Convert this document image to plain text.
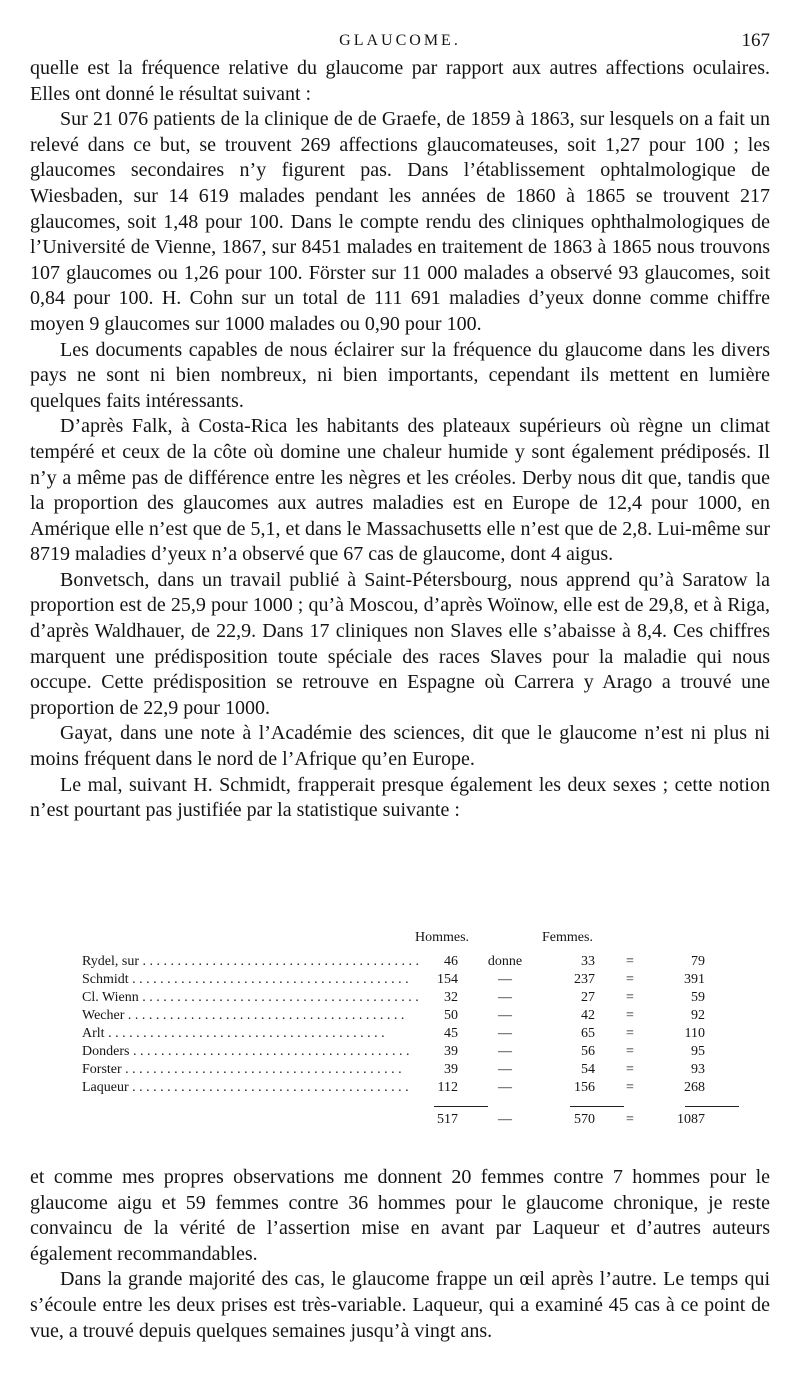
GLAUCOME.	167

quelle est la fréquence relative du glaucome par rapport aux autres affections oculaires. Elles ont donné le résultat suivant :

Sur 21 076 patients de la clinique de de Graefe, de 1859 à 1863, sur lesquels on a fait un relevé dans ce but, se trouvent 269 affections glaucomateuses, soit 1,27 pour 100 ; les glaucomes secondaires n’y figurent pas. Dans l’établissement ophtalmologique de Wiesbaden, sur 14 619 malades pendant les années de 1860 à 1865 se trouvent 217 glaucomes, soit 1,48 pour 100. Dans le compte rendu des cliniques ophthalmologiques de l’Université de Vienne, 1867, sur 8451 malades en traitement de 1863 à 1865 nous trouvons 107 glaucomes ou 1,26 pour 100. Förster sur 11 000 malades a observé 93 glaucomes, soit 0,84 pour 100. H. Cohn sur un total de 111 691 maladies d’yeux donne comme chiffre moyen 9 glaucomes sur 1000 malades ou 0,90 pour 100.

Les documents capables de nous éclairer sur la fréquence du glaucome dans les divers pays ne sont ni bien nombreux, ni bien importants, cependant ils mettent en lumière quelques faits intéressants.

D’après Falk, à Costa-Rica les habitants des plateaux supérieurs où règne un climat tempéré et ceux de la côte où domine une chaleur humide y sont également prédiposés. Il n’y a même pas de différence entre les nègres et les créoles. Derby nous dit que, tandis que la proportion des glaucomes aux autres maladies est en Europe de 12,4 pour 1000, en Amérique elle n’est que de 5,1, et dans le Massachusetts elle n’est que de 2,8. Lui-même sur 8719 maladies d’yeux n’a observé que 67 cas de glaucome, dont 4 aigus.

Bonvetsch, dans un travail publié à Saint-Pétersbourg, nous apprend qu’à Saratow la proportion est de 25,9 pour 1000 ; qu’à Moscou, d’après Woïnow, elle est de 29,8, et à Riga, d’après Waldhauer, de 22,9. Dans 17 cliniques non Slaves elle s’abaisse à 8,4. Ces chiffres marquent une prédisposition toute spéciale des races Slaves pour la maladie qui nous occupe. Cette prédisposition se retrouve en Espagne où Carrera y Arago a trouvé une proportion de 22,9 pour 1000.

Gayat, dans une note à l’Académie des sciences, dit que le glaucome n’est ni plus ni moins fréquent dans le nord de l’Afrique qu’en Europe.

Le mal, suivant H. Schmidt, frapperait presque également les deux sexes ; cette notion n’est pourtant pas justifiée par la statistique suivante :

Hommes.	Femmes.
Rydel, sur . . .	46	donne	33	=	79
Schmidt . . .	154	—	237	=	391
Cl. Wienn . . .	32	—	27	=	59
Wecher . . .	50	—	42	=	92
Arlt . . .	45	—	65	=	110
Donders . . .	39	—	56	=	95
Forster . . .	39	—	54	=	93
Laqueur . . .	112	—	156	=	268
517	—	570	=	1087

et comme mes propres observations me donnent 20 femmes contre 7 hommes pour le glaucome aigu et 59 femmes contre 36 hommes pour le glaucome chronique, je reste convaincu de la vérité de l’assertion mise en avant par Laqueur et d’autres auteurs également recommandables.

Dans la grande majorité des cas, le glaucome frappe un œil après l’autre. Le temps qui s’écoule entre les deux prises est très-variable. Laqueur, qui a examiné 45 cas à ce point de vue, a trouvé depuis quelques semaines jusqu’à vingt ans.
